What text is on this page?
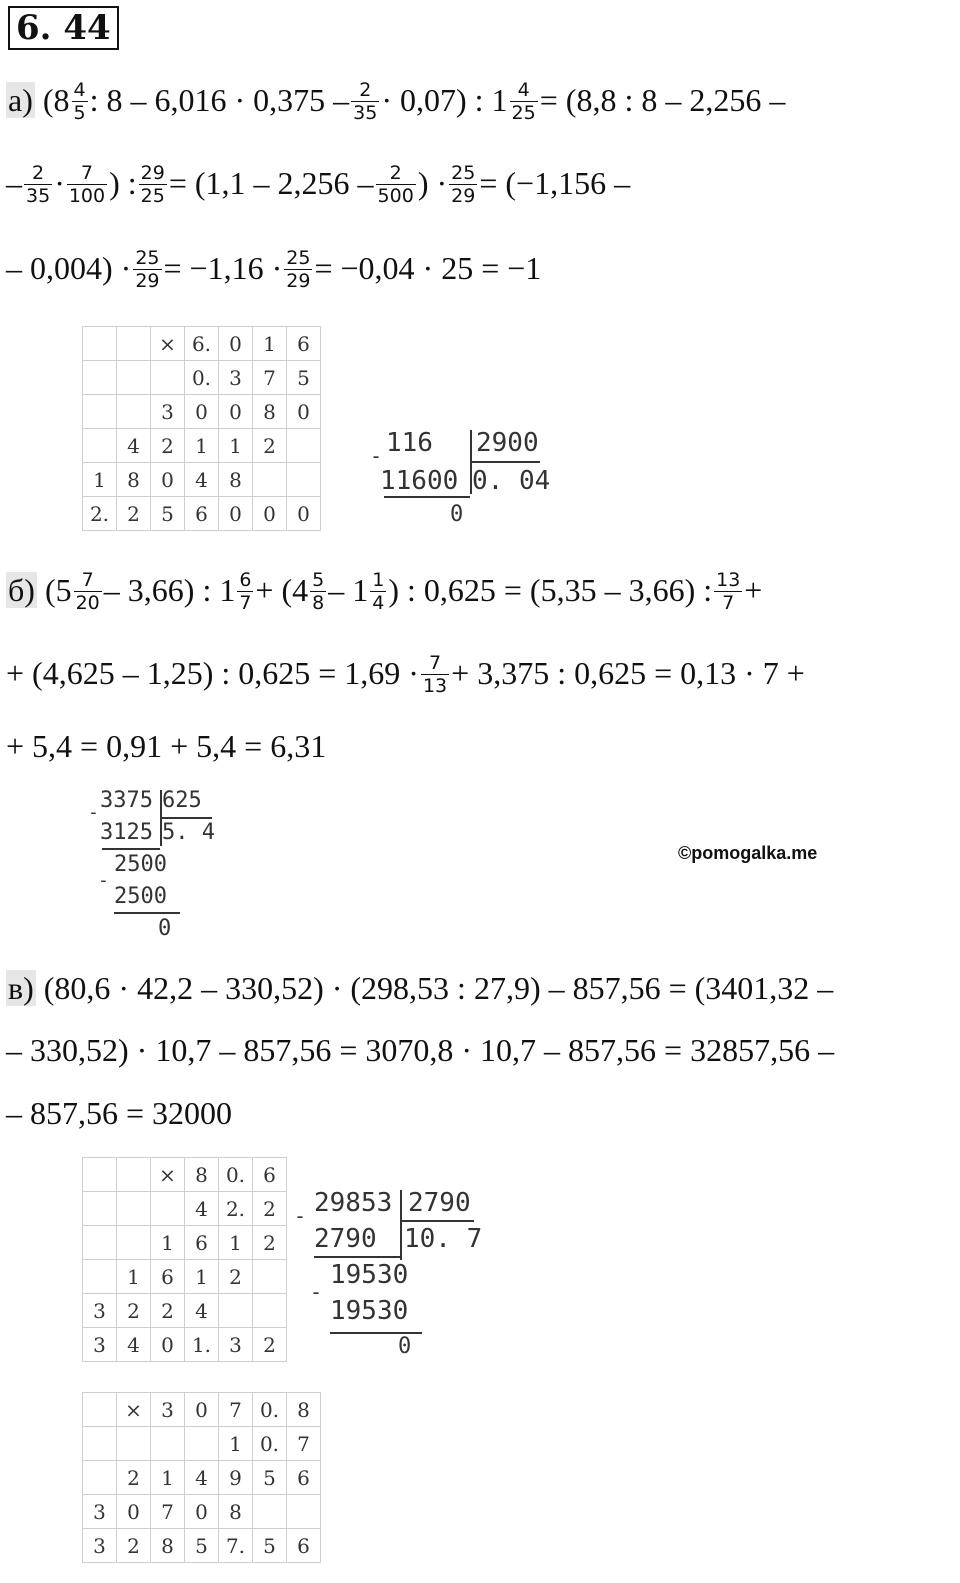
6. 44
а) ($8 \frac{4}{5}$ : $8 - 6,016 \cdot 0,375 - \frac{2}{35} \cdot 0,07$) : $1 \frac{4}{25} = (8,8$ : 8 – 2,256 –
– $\frac{2}{35} \cdot \frac{7}{100}$ ) : $\frac{29}{25} = (1,1 - 2,256 - \frac{2}{500}$ ) · $\frac{25}{29} = (-1,156$ –
– $0,004) \cdot \frac{25}{29} = -1,16 \cdot \frac{25}{29} = -0,04 \cdot 25 = -1$
		×	6.	0	1	6
			0.	3	7	5
		3	0	0	8	0
	4	2	1	1	2	
1	8	0	4	8		
2.	2	5	6	0	0	0
- 116 2900
11600 0. 04
0
б) $(5 \frac{7}{20} - 3,66)$ : $1 \frac{6}{7} + (4 \frac{5}{8} - 1 \frac{1}{4}$ ) : 0,625 = (5,35 – 3,66) : $\frac{13}{7}$ +
+ (4,625 – 1,25) : $0,625 = 1,69 \cdot \frac{7}{13} + 3,375$ : 0,625 = 0,13 · 7 +
+ 5,4 = 0,91 + 5,4 = 6,31
- 3375 625
3125 5. 4
2500
-
2500
0
©pomogalka.me
в) (80,6 · 42,2 – 330,52) · (298,53 : 27,9) – 857,56 = (3401,32 –
– 330,52) · 10,7 – 857,56 = 3070,8 · 10,7 – 857,56 = 32857,56 –
– 857,56 = 32000
		×	8	0.	6
			4	2.	2
		1	6	1	2
	1	6	1	2	
3	2	2	4		
3	4	0	1.	3	2
- 29853 2790
2790 10. 7
19530
-
19530
0
	×	3	0	7	0.	8
				1	0.	7
	2	1	4	9	5	6
3	0	7	0	8		
3	2	8	5	7.	5	6
